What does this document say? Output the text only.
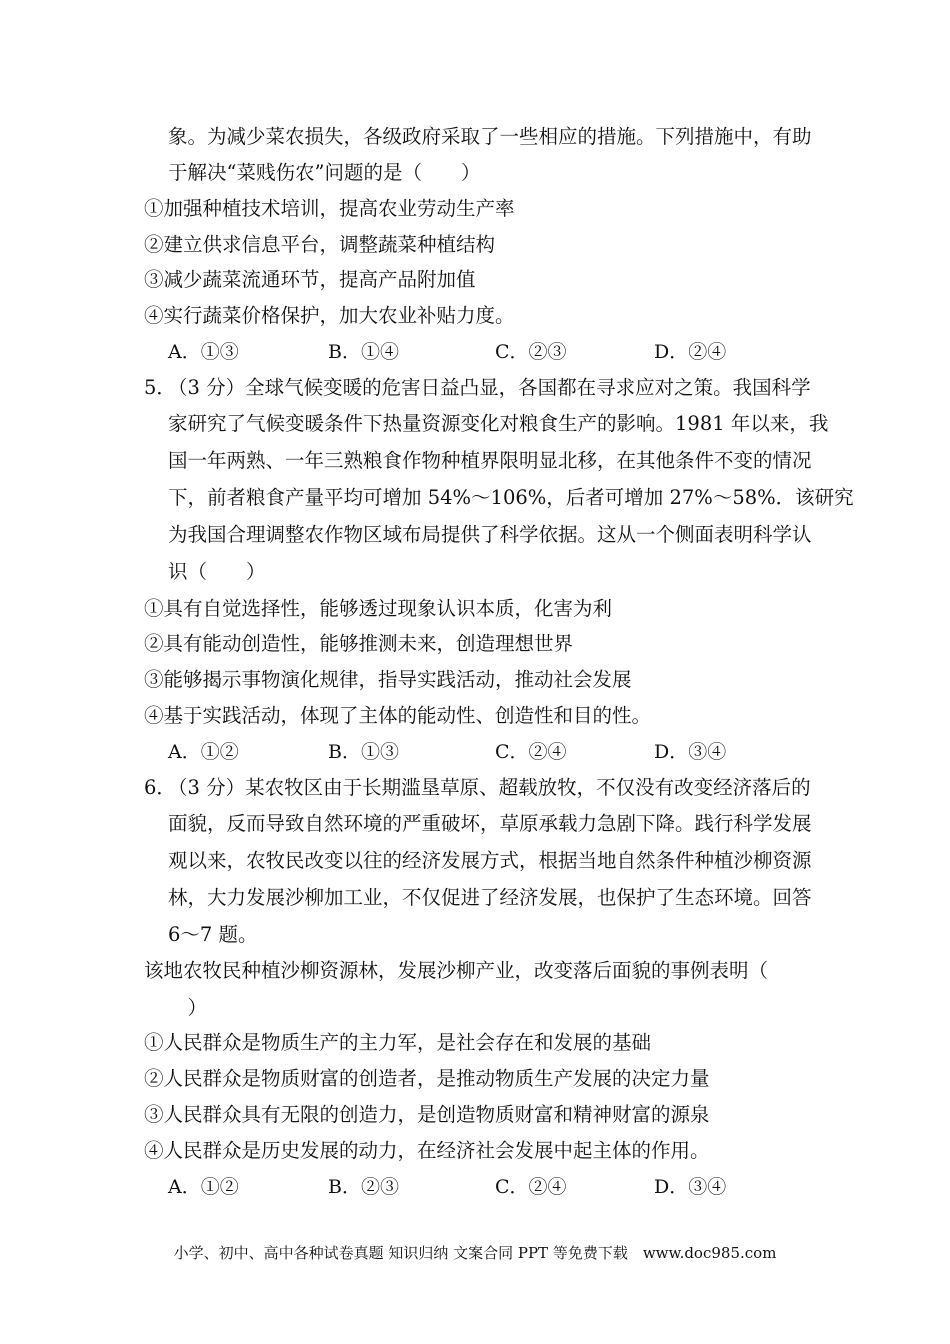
象。为减少菜农损失，各级政府采取了一些相应的措施。下列措施中，有助
于解决“菜贱伤农”问题的是（　　）
①加强种植技术培训，提高农业劳动生产率
②建立供求信息平台，调整蔬菜种植结构
③减少蔬菜流通环节，提高产品附加值
④实行蔬菜价格保护，加大农业补贴力度。
A．①③	B．①④	C．②③	D．②④
5．
（3 分）全球气候变暖的危害日益凸显，各国都在寻求应对之策。我国科学
家研究了气候变暖条件下热量资源变化对粮食生产的影响。1981 年以来，我
国一年两熟、一年三熟粮食作物种植界限明显北移，在其他条件不变的情况
下，前者粮食产量平均可增加 54%～106%，后者可增加 27%～58%．该研究
为我国合理调整农作物区域布局提供了科学依据。这从一个侧面表明科学认
识（　　）
①具有自觉选择性，能够透过现象认识本质，化害为利
②具有能动创造性，能够推测未来，创造理想世界
③能够揭示事物演化规律，指导实践活动，推动社会发展
④基于实践活动，体现了主体的能动性、创造性和目的性。
A．①②	B．①③	C．②④	D．③④
6．
（3 分）某农牧区由于长期滥垦草原、超载放牧，不仅没有改变经济落后的
面貌，反而导致自然环境的严重破坏，草原承载力急剧下降。践行科学发展
观以来，农牧民改变以往的经济发展方式，根据当地自然条件种植沙柳资源
林，大力发展沙柳加工业，不仅促进了经济发展，也保护了生态环境。回答
6～7 题。
该地农牧民种植沙柳资源林，发展沙柳产业，改变落后面貌的事例表明（
　）
①人民群众是物质生产的主力军，是社会存在和发展的基础
②人民群众是物质财富的创造者，是推动物质生产发展的决定力量
③人民群众具有无限的创造力，是创造物质财富和精神财富的源泉
④人民群众是历史发展的动力，在经济社会发展中起主体的作用。
A．①②	B．②③	C．②④	D．③④
小学、初中、高中各种试卷真题 知识归纳 文案合同 PPT 等免费下载　www.doc985.com
